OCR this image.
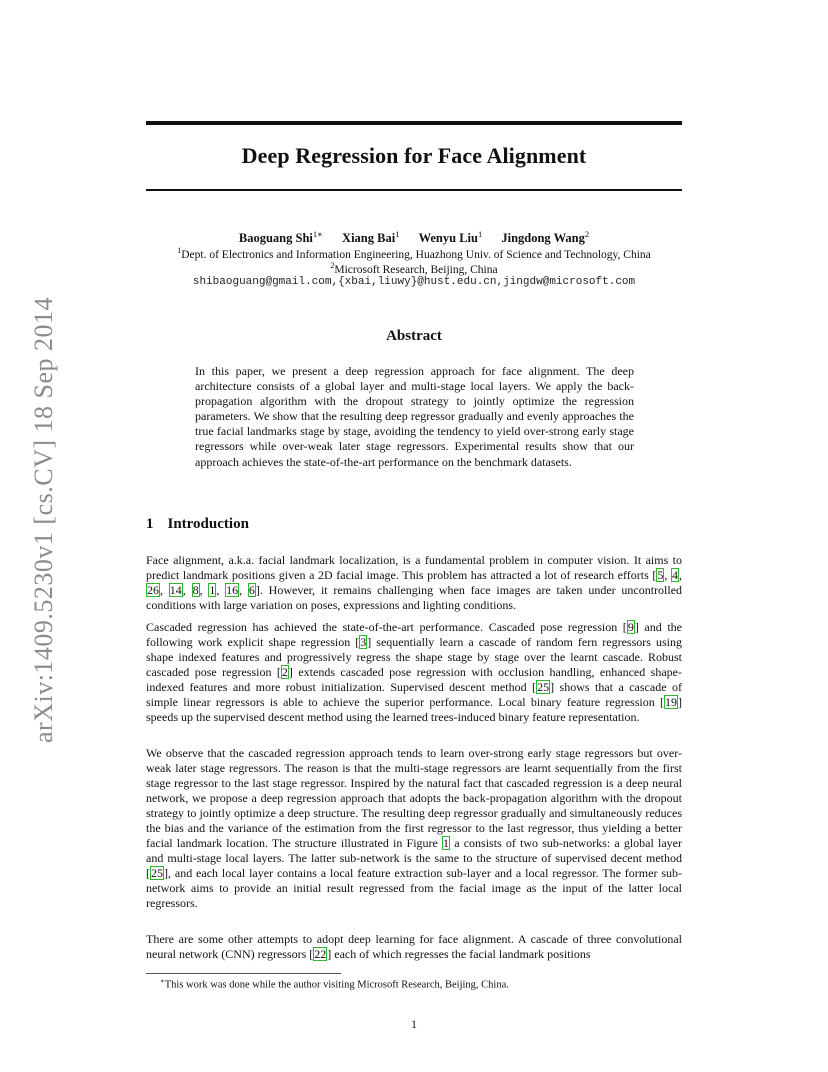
arXiv:1409.5230v1 [cs.CV] 18 Sep 2014
Deep Regression for Face Alignment
Baoguang Shi$^{1∗}$ Xiang Bai$^1$ Wenyu Liu$^1$ Jingdong Wang$^2$
$^1$Dept. of Electronics and Information Engineering, Huazhong Univ. of Science and Technology, China
$^2$Microsoft Research, Beijing, China
shibaoguang@gmail.com,{xbai,liuwy}@hust.edu.cn,jingdw@microsoft.com
Abstract

In this paper, we present a deep regression approach for face alignment. The deep architecture consists of a global layer and multi-stage local layers. We apply the back-propagation algorithm with the dropout strategy to jointly optimize the regression parameters. We show that the resulting deep regressor gradually and evenly approaches the true facial landmarks stage by stage, avoiding the tendency to yield over-strong early stage regressors while over-weak later stage regressors. Experimental results show that our approach achieves the state-of-the-art performance on the benchmark datasets.

1 Introduction

Face alignment, a.k.a. facial landmark localization, is a fundamental problem in computer vision. It aims to predict landmark positions given a 2D facial image. This problem has attracted a lot of research efforts [5, 4, 26, 14, 8, 1, 16, 6]. However, it remains challenging when face images are taken under uncontrolled conditions with large variation on poses, expressions and lighting conditions.

Cascaded regression has achieved the state-of-the-art performance. Cascaded pose regression [9] and the following work explicit shape regression [3] sequentially learn a cascade of random fern regressors using shape indexed features and progressively regress the shape stage by stage over the learnt cascade. Robust cascaded pose regression [2] extends cascaded pose regression with occlusion handling, enhanced shape-indexed features and more robust initialization. Supervised descent method [25] shows that a cascade of simple linear regressors is able to achieve the superior performance. Local binary feature regression [19] speeds up the supervised descent method using the learned trees-induced binary feature representation.

We observe that the cascaded regression approach tends to learn over-strong early stage regressors but over-weak later stage regressors. The reason is that the multi-stage regressors are learnt sequentially from the first stage regressor to the last stage regressor. Inspired by the natural fact that cascaded regression is a deep neural network, we propose a deep regression approach that adopts the back-propagation algorithm with the dropout strategy to jointly optimize a deep structure. The resulting deep regressor gradually and simultaneously reduces the bias and the variance of the estimation from the first regressor to the last regressor, thus yielding a better facial landmark location. The structure illustrated in Figure 1 a consists of two sub-networks: a global layer and multi-stage local layers. The latter sub-network is the same to the structure of supervised decent method [25], and each local layer contains a local feature extraction sub-layer and a local regressor. The former sub-network aims to provide an initial result regressed from the facial image as the input of the latter local regressors.

There are some other attempts to adopt deep learning for face alignment. A cascade of three convolutional neural network (CNN) regressors [22] each of which regresses the facial landmark positions

∗This work was done while the author visiting Microsoft Research, Beijing, China.

1
